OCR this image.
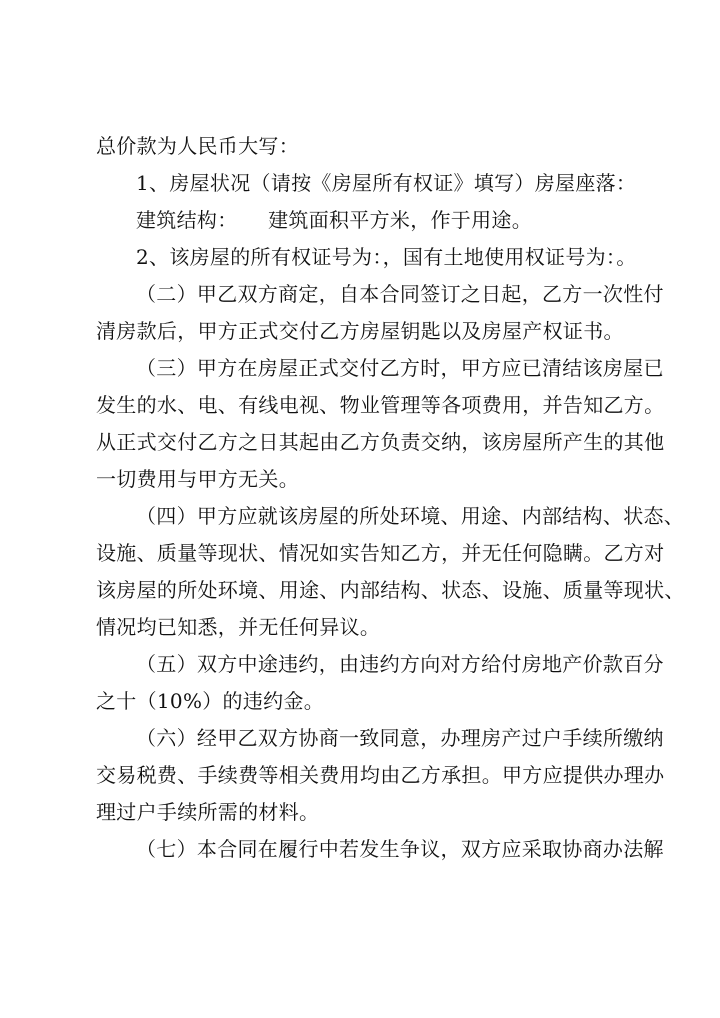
总价款为人民币大写：
1、房屋状况（请按《房屋所有权证》填写）房屋座落：
建筑结构：　　建筑面积平方米，作于用途。
2、该房屋的所有权证号为：，国有土地使用权证号为：。
（二）甲乙双方商定，自本合同签订之日起，乙方一次性付
清房款后，甲方正式交付乙方房屋钥匙以及房屋产权证书。
（三）甲方在房屋正式交付乙方时，甲方应已清结该房屋已
发生的水、电、有线电视、物业管理等各项费用，并告知乙方。
从正式交付乙方之日其起由乙方负责交纳，该房屋所产生的其他
一切费用与甲方无关。
（四）甲方应就该房屋的所处环境、用途、内部结构、状态、
设施、质量等现状、情况如实告知乙方，并无任何隐瞒。乙方对
该房屋的所处环境、用途、内部结构、状态、设施、质量等现状、
情况均已知悉，并无任何异议。
（五）双方中途违约，由违约方向对方给付房地产价款百分
之十（10%）的违约金。
（六）经甲乙双方协商一致同意，办理房产过户手续所缴纳
交易税费、手续费等相关费用均由乙方承担。甲方应提供办理办
理过户手续所需的材料。
（七）本合同在履行中若发生争议，双方应采取协商办法解
